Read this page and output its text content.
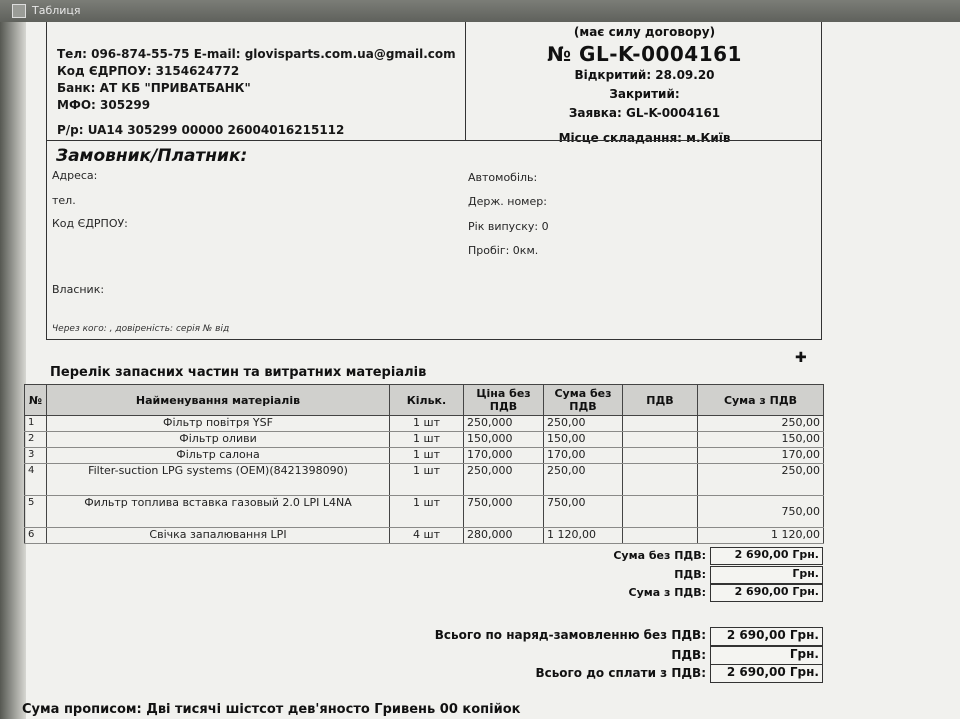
Таблиця
Тел: 096-874-55-75 E-mail: glovisparts.com.ua@gmail.com
Код ЄДРПОУ: 3154624772
Банк: АТ КБ "ПРИВАТБАНК"
МФО: 305299
Р/р: UA14 305299 00000 26004016215112
(має силу договору)
№ GL-K-0004161
Відкритий: 28.09.20
Закритий:
Заявка: GL-K-0004161
Місце складання: м.Київ
Замовник/Платник:
Адреса:
тел.
Код ЄДРПОУ:
Власник:
Через кого: , довіреність: серія № від
Автомобіль:
Держ. номер:
Рік випуску: 0
Пробіг: 0км.
✚
Перелік запасних частин та витратних матеріалів
№	Найменування матеріалів	Кільк.	Ціна без ПДВ	Сума без ПДВ	ПДВ	Сума з ПДВ
1	Фільтр повітря YSF	1 шт	250,000	250,00		250,00
2	Фільтр оливи	1 шт	150,000	150,00		150,00
3	Фільтр салона	1 шт	170,000	170,00		170,00
4	Filter-suction LPG systems (OEM)(8421398090)	1 шт	250,000	250,00		250,00
5	Фильтр топлива вставка газовый 2.0 LPI L4NA	1 шт	750,000	750,00		750,00
6	Свічка запалювання LPI	4 шт	280,000	1 120,00		1 120,00
Сума без ПДВ:	2 690,00 Грн.
ПДВ:	Грн.
Сума з ПДВ:	2 690,00 Грн.
Всього по наряд-замовленню без ПДВ:	2 690,00 Грн.
ПДВ:	Грн.
Всього до сплати з ПДВ:	2 690,00 Грн.
Сума прописом: Дві тисячі шістсот дев'яносто Гривень 00 копійок
